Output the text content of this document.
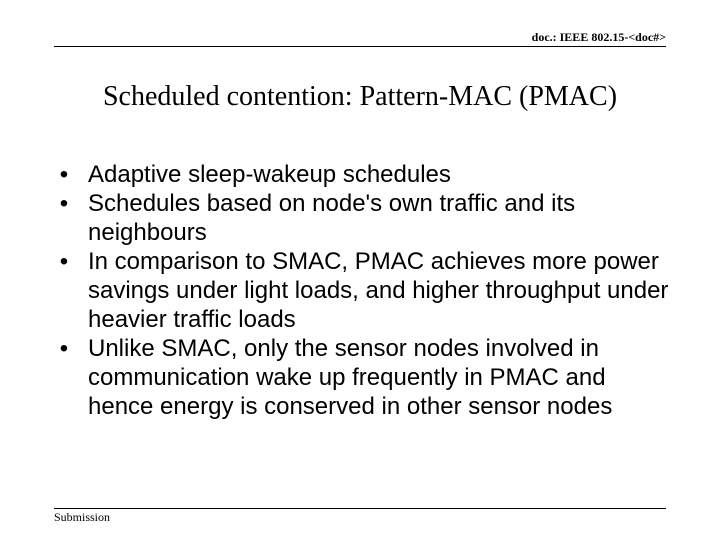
doc.: IEEE 802.15-<doc#>
Scheduled contention: Pattern-MAC (PMAC)
• Adaptive sleep-wakeup schedules
• Schedules based on node's own traffic and its neighbours
• In comparison to SMAC, PMAC achieves more power savings under light loads, and higher throughput under heavier traffic loads
• Unlike SMAC, only the sensor nodes involved in communication wake up frequently in PMAC and hence energy is conserved in other sensor nodes
Submission
